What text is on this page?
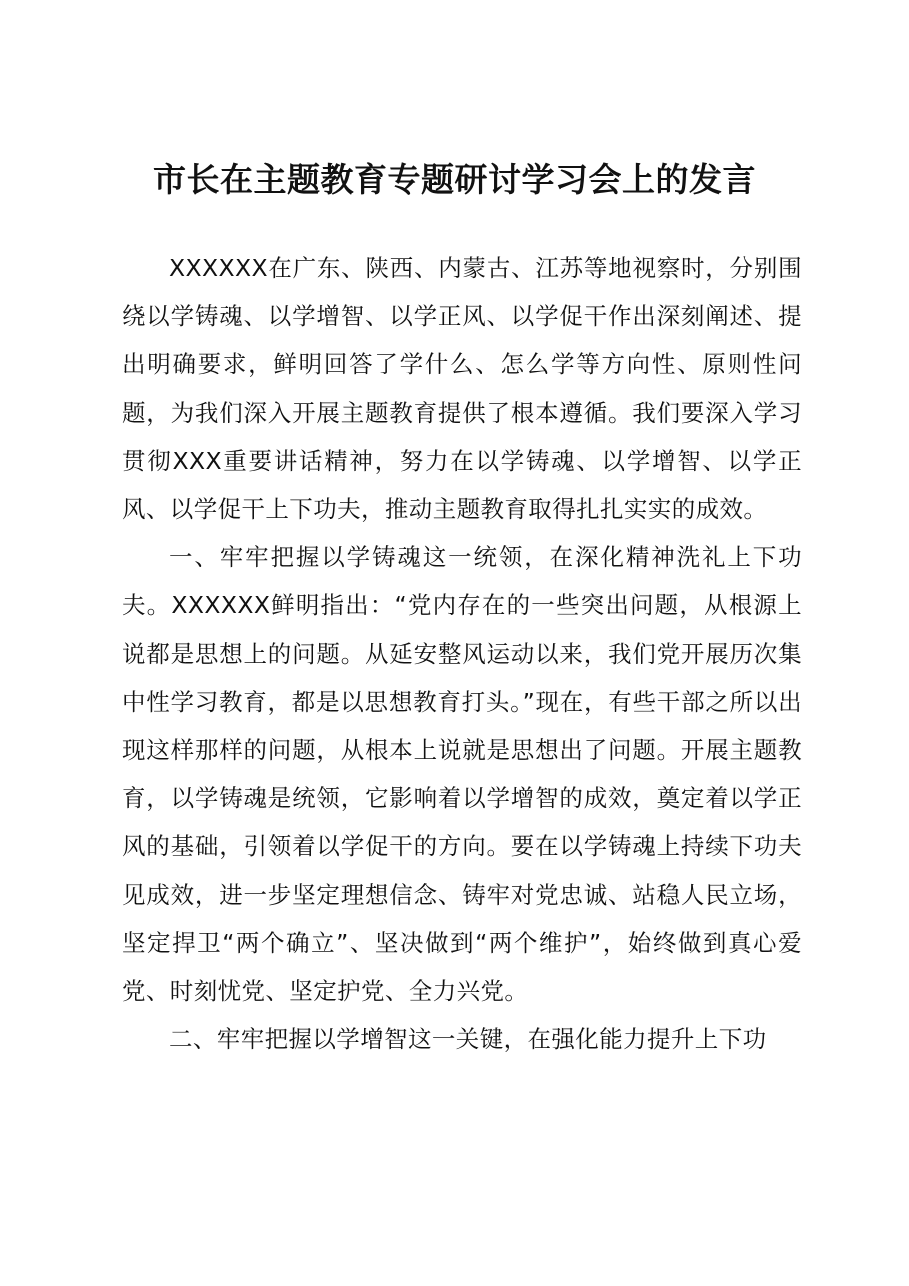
市长在主题教育专题研讨学习会上的发言

XXXXXX在广东、陕西、内蒙古、江苏等地视察时，分别围绕以学铸魂、以学增智、以学正风、以学促干作出深刻阐述、提出明确要求，鲜明回答了学什么、怎么学等方向性、原则性问题，为我们深入开展主题教育提供了根本遵循。我们要深入学习贯彻XXX重要讲话精神，努力在以学铸魂、以学增智、以学正风、以学促干上下功夫，推动主题教育取得扎扎实实的成效。

一、牢牢把握以学铸魂这一统领，在深化精神洗礼上下功夫。XXXXXX鲜明指出：“党内存在的一些突出问题，从根源上说都是思想上的问题。从延安整风运动以来，我们党开展历次集中性学习教育，都是以思想教育打头。”现在，有些干部之所以出现这样那样的问题，从根本上说就是思想出了问题。开展主题教育，以学铸魂是统领，它影响着以学增智的成效，奠定着以学正风的基础，引领着以学促干的方向。要在以学铸魂上持续下功夫见成效，进一步坚定理想信念、铸牢对党忠诚、站稳人民立场，坚定捍卫“两个确立”、坚决做到“两个维护”，始终做到真心爱党、时刻忧党、坚定护党、全力兴党。

二、牢牢把握以学增智这一关键，在强化能力提升上下功
